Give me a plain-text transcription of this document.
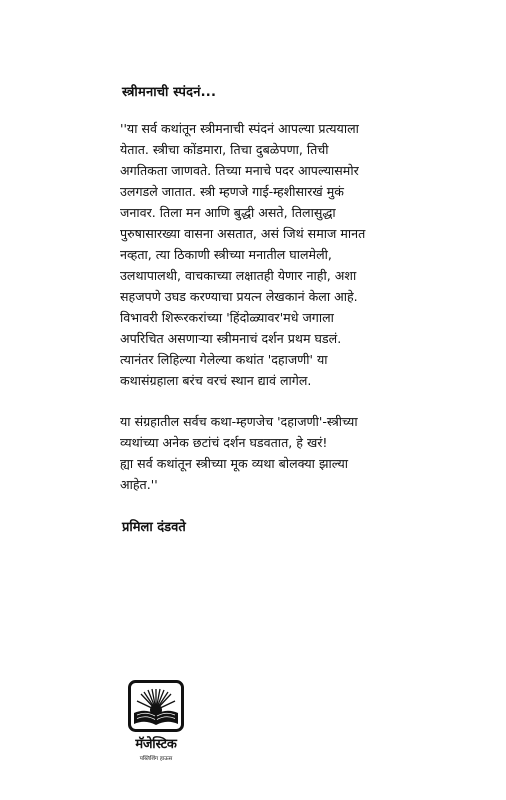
स्त्रीमनाची स्पंदनं...
''या सर्व कथांतून स्त्रीमनाची स्पंदनं आपल्या प्रत्ययाला
येतात. स्त्रीचा कोंडमारा, तिचा दुबळेपणा, तिची
अगतिकता जाणवते. तिच्या मनाचे पदर आपल्यासमोर
उलगडले जातात. स्त्री म्हणजे गाई-म्हशीसारखं मुकं
जनावर. तिला मन आणि बुद्धी असते, तिलासुद्धा
पुरुषासारख्या वासना असतात, असं जिथं समाज मानत
नव्हता, त्या ठिकाणी स्त्रीच्या मनातील घालमेली,
उलथापालथी, वाचकाच्या लक्षातही येणार नाही, अशा
सहजपणे उघड करण्याचा प्रयत्न लेखकानं केला आहे.
विभावरी शिरूरकरांच्या 'हिंदोळ्यावर'मधे जगाला
अपरिचित असणाऱ्या स्त्रीमनाचं दर्शन प्रथम घडलं.
त्यानंतर लिहिल्या गेलेल्या कथांत 'दहाजणी' या
कथासंग्रहाला बरंच वरचं स्थान द्यावं लागेल.
या संग्रहातील सर्वच कथा-म्हणजेच 'दहाजणी'-स्त्रीच्या
व्यथांच्या अनेक छटांचं दर्शन घडवतात, हे खरं!
ह्या सर्व कथांतून स्त्रीच्या मूक व्यथा बोलक्या झाल्या
आहेत.''
प्रमिला दंडवते
मॅजेस्टिक
पब्लिशिंग हाऊस
